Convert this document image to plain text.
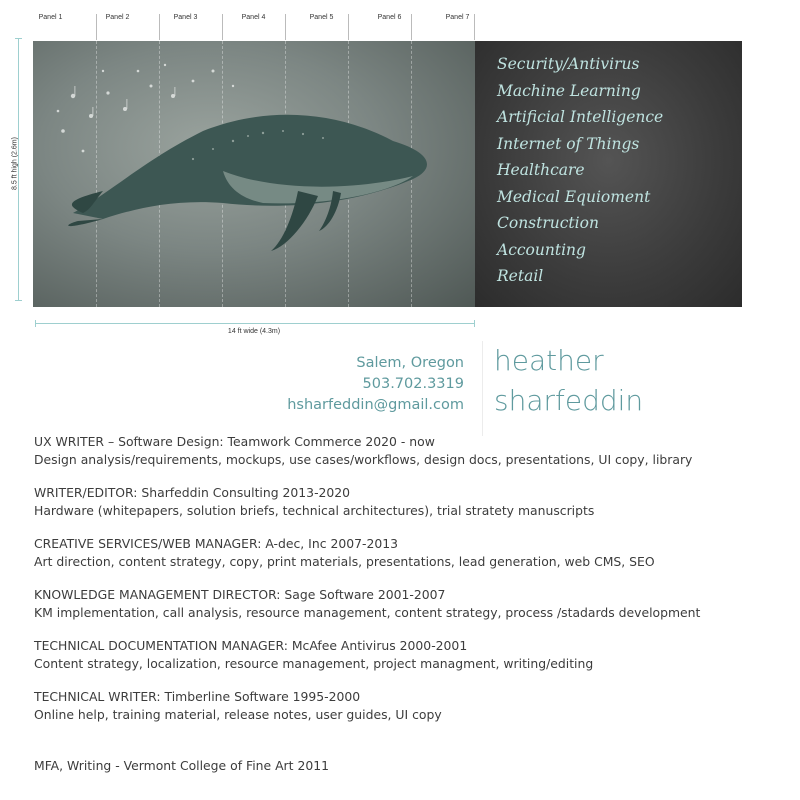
Panel 1	Panel 2	Panel 3	Panel 4	Panel 5	Panel 6	Panel 7
8.5 ft high (2.6m)
14 ft wide (4.3m)
Security/Antivirus
Machine Learning
Artificial Intelligence
Internet of Things
Healthcare
Medical Equioment
Construction
Accounting
Retail
Salem, Oregon
503.702.3319
hsharfeddin@gmail.com
heather
sharfeddin
UX WRITER – Software Design: Teamwork Commerce 2020 - now
Design analysis/requirements, mockups, use cases/workflows, design docs, presentations, UI copy, library
WRITER/EDITOR: Sharfeddin Consulting 2013-2020
Hardware (whitepapers, solution briefs, technical architectures), trial stratety manuscripts
CREATIVE SERVICES/WEB MANAGER: A-dec, Inc 2007-2013
Art direction, content strategy, copy, print materials, presentations, lead generation, web CMS, SEO
KNOWLEDGE MANAGEMENT DIRECTOR: Sage Software 2001-2007
KM implementation, call analysis, resource management, content strategy, process /stadards development
TECHNICAL DOCUMENTATION MANAGER: McAfee Antivirus 2000-2001
Content strategy, localization, resource management, project managment, writing/editing
TECHNICAL WRITER: Timberline Software 1995-2000
Online help, training material, release notes, user guides, UI copy
MFA, Writing - Vermont College of Fine Art 2011
